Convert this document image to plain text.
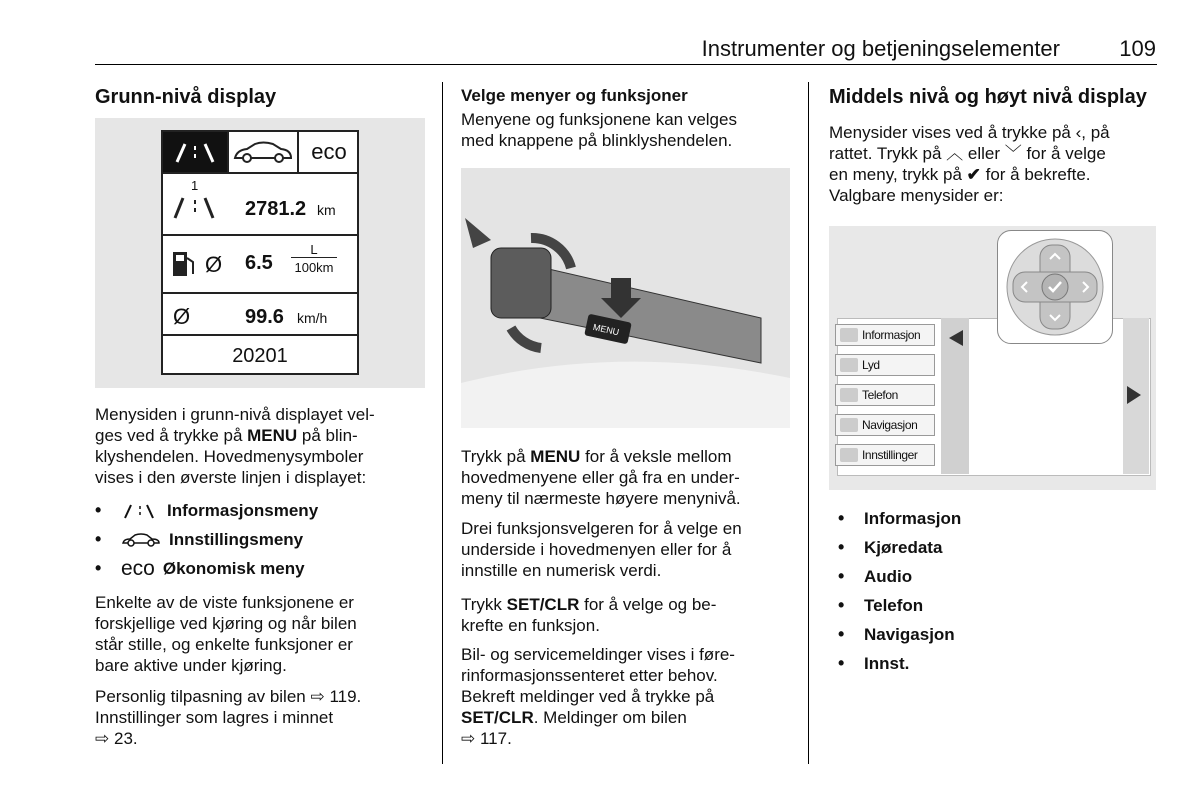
Instrumenter og betjeningselementer	109
Grunn-nivå display
eco
1
2781.2 km
Ø 6.5
L
100km
Ø	99.6 km/h
20201

Menysiden i grunn-nivå displayet vel-

ges ved å trykke på MENU på blin-

klyshendelen. Hovedmenysymboler

vises i den øverste linjen i displayet:

•	Informasjonsmeny
•	Innstillingsmeny
• eco Økonomisk meny

Enkelte av de viste funksjonene er

forskjellige ved kjøring og når bilen

står stille, og enkelte funksjoner er

bare aktive under kjøring.

Personlig tilpasning av bilen ⇨ 119.

Innstillinger som lagres i minnet

⇨ 23.

Velge menyer og funksjoner

Menyene og funksjonene kan velges

med knappene på blinklyshendelen.

MENU

Trykk på MENU for å veksle mellom

hovedmenyene eller gå fra en under-

meny til nærmeste høyere menynivå.

Drei funksjonsvelgeren for å velge en

underside i hovedmenyen eller for å

innstille en numerisk verdi.

Trykk SET/CLR for å velge og be-

krefte en funksjon.

Bil- og servicemeldinger vises i føre-

rinformasjonssenteret etter behov.

Bekreft meldinger ved å trykke på

SET/CLR. Meldinger om bilen

⇨ 117.

Middels nivå og høyt nivå display

Menysider vises ved å trykke på ‹, på

rattet. Trykk på ︿ eller ﹀ for å velge

en meny, trykk på ✔ for å bekrefte.

Valgbare menysider er:

Informasjon
Lyd
Telefon
Navigasjon
Innstillinger
•	Informasjon
•	Kjøredata
•	Audio
•	Telefon
•	Navigasjon
•	Innst.
